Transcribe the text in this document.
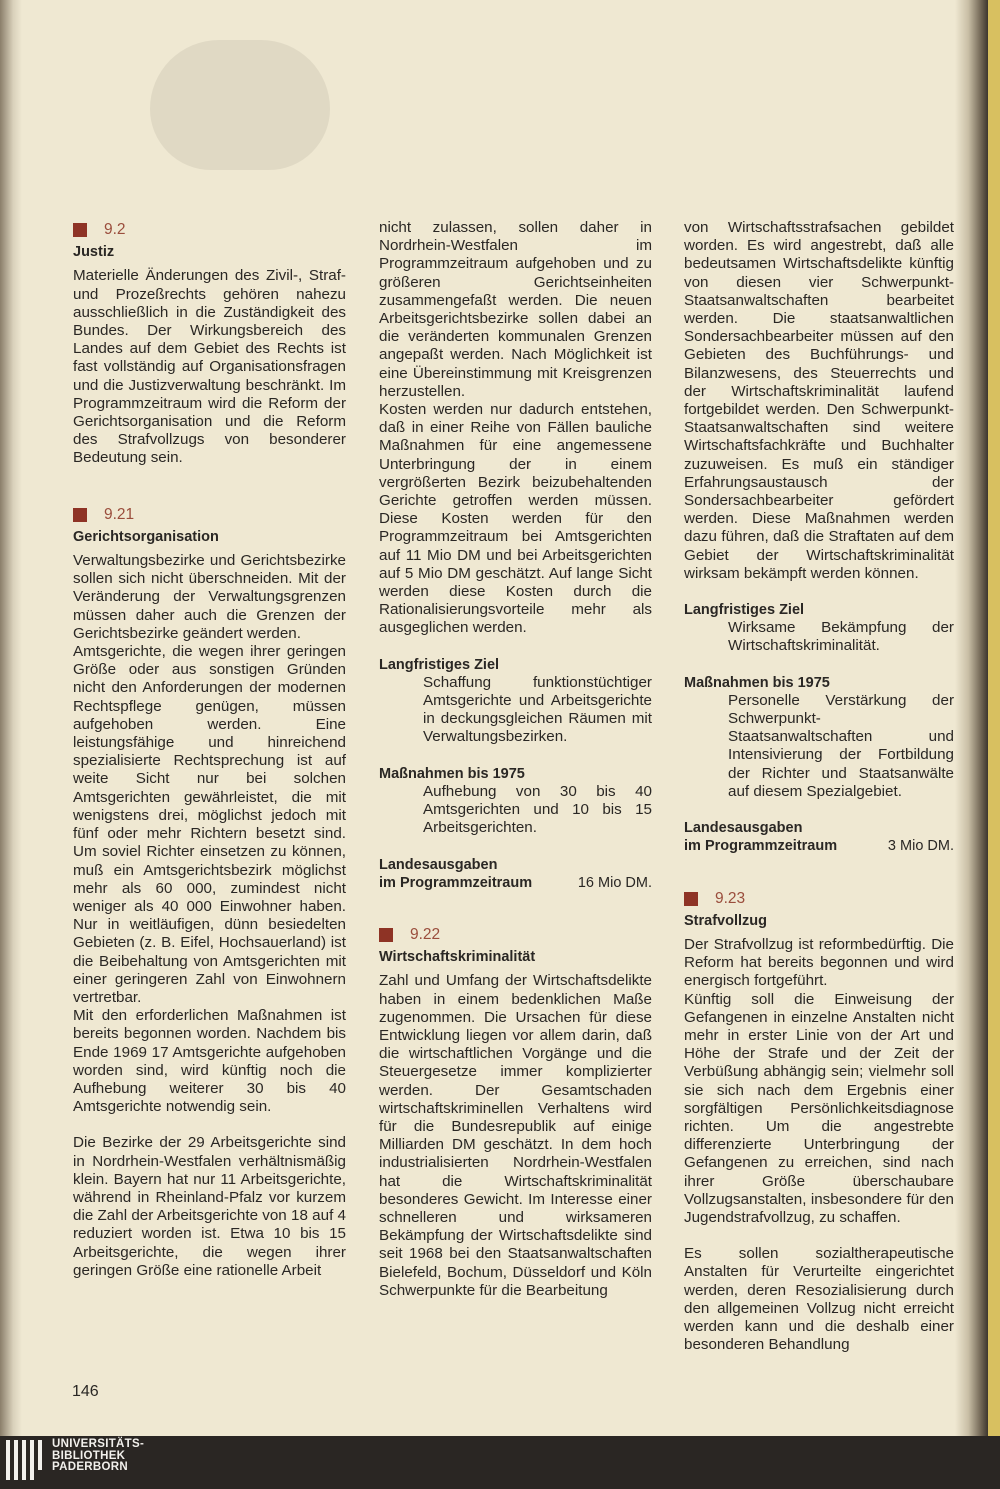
9.2
Justiz

Materielle Änderungen des Zivil-, Straf- und Prozeßrechts gehören nahezu ausschließlich in die Zuständigkeit des Bundes. Der Wirkungsbereich des Landes auf dem Gebiet des Rechts ist fast vollständig auf Organisationsfragen und die Justizverwaltung beschränkt. Im Programmzeitraum wird die Reform der Gerichtsorganisation und die Reform des Strafvollzugs von besonderer Bedeutung sein.

9.21
Gerichtsorganisation

Verwaltungsbezirke und Gerichtsbezirke sollen sich nicht überschneiden. Mit der Veränderung der Verwaltungsgrenzen müssen daher auch die Grenzen der Gerichtsbezirke geändert werden.

Amtsgerichte, die wegen ihrer geringen Größe oder aus sonstigen Gründen nicht den Anforderungen der modernen Rechtspflege genügen, müssen aufgehoben werden. Eine leistungsfähige und hinreichend spezialisierte Rechtsprechung ist auf weite Sicht nur bei solchen Amtsgerichten gewährleistet, die mit wenigstens drei, möglichst jedoch mit fünf oder mehr Richtern besetzt sind. Um soviel Richter einsetzen zu können, muß ein Amtsgerichtsbezirk möglichst mehr als 60 000, zumindest nicht weniger als 40 000 Einwohner haben. Nur in weitläufigen, dünn besiedelten Gebieten (z. B. Eifel, Hochsauerland) ist die Beibehaltung von Amtsgerichten mit einer geringeren Zahl von Einwohnern vertretbar.

Mit den erforderlichen Maßnahmen ist bereits begonnen worden. Nachdem bis Ende 1969 17 Amtsgerichte aufgehoben worden sind, wird künftig noch die Aufhebung weiterer 30 bis 40 Amtsgerichte notwendig sein.

Die Bezirke der 29 Arbeitsgerichte sind in Nordrhein-Westfalen verhältnismäßig klein. Bayern hat nur 11 Arbeitsgerichte, während in Rheinland-Pfalz vor kurzem die Zahl der Arbeitsgerichte von 18 auf 4 reduziert worden ist. Etwa 10 bis 15 Arbeitsgerichte, die wegen ihrer geringen Größe eine rationelle Arbeit

nicht zulassen, sollen daher in Nordrhein-Westfalen im Programmzeitraum aufgehoben und zu größeren Gerichtseinheiten zusammengefaßt werden. Die neuen Arbeitsgerichtsbezirke sollen dabei an die veränderten kommunalen Grenzen angepaßt werden. Nach Möglichkeit ist eine Übereinstimmung mit Kreisgrenzen herzustellen.

Kosten werden nur dadurch entstehen, daß in einer Reihe von Fällen bauliche Maßnahmen für eine angemessene Unterbringung der in einem vergrößerten Bezirk beizubehaltenden Gerichte getroffen werden müssen. Diese Kosten werden für den Programmzeitraum bei Amtsgerichten auf 11 Mio DM und bei Arbeitsgerichten auf 5 Mio DM geschätzt. Auf lange Sicht werden diese Kosten durch die Rationalisierungsvorteile mehr als ausgeglichen werden.

Langfristiges Ziel

Schaffung funktionstüchtiger Amtsgerichte und Arbeitsgerichte in deckungsgleichen Räumen mit Verwaltungsbezirken.

Maßnahmen bis 1975

Aufhebung von 30 bis 40 Amtsgerichten und 10 bis 15 Arbeitsgerichten.

Landesausgaben
im Programmzeitraum	16 Mio DM.
9.22
Wirtschaftskriminalität

Zahl und Umfang der Wirtschaftsdelikte haben in einem bedenklichen Maße zugenommen. Die Ursachen für diese Entwicklung liegen vor allem darin, daß die wirtschaftlichen Vorgänge und die Steuergesetze immer komplizierter werden. Der Gesamtschaden wirtschaftskriminellen Verhaltens wird für die Bundesrepublik auf einige Milliarden DM geschätzt. In dem hoch industrialisierten Nordrhein-Westfalen hat die Wirtschaftskriminalität besonderes Gewicht. Im Interesse einer schnelleren und wirksameren Bekämpfung der Wirtschaftsdelikte sind seit 1968 bei den Staatsanwaltschaften Bielefeld, Bochum, Düsseldorf und Köln Schwerpunkte für die Bearbeitung

von Wirtschaftsstrafsachen gebildet worden. Es wird angestrebt, daß alle bedeutsamen Wirtschaftsdelikte künftig von diesen vier Schwerpunkt-Staatsanwaltschaften bearbeitet werden. Die staatsanwaltlichen Sondersachbearbeiter müssen auf den Gebieten des Buchführungs- und Bilanzwesens, des Steuerrechts und der Wirtschaftskriminalität laufend fortgebildet werden. Den Schwerpunkt-Staatsanwaltschaften sind weitere Wirtschaftsfachkräfte und Buchhalter zuzuweisen. Es muß ein ständiger Erfahrungsaustausch der Sondersachbearbeiter gefördert werden. Diese Maßnahmen werden dazu führen, daß die Straftaten auf dem Gebiet der Wirtschaftskriminalität wirksam bekämpft werden können.

Langfristiges Ziel

Wirksame Bekämpfung der Wirtschaftskriminalität.

Maßnahmen bis 1975

Personelle Verstärkung der Schwerpunkt-Staatsanwaltschaften und Intensivierung der Fortbildung der Richter und Staatsanwälte auf diesem Spezialgebiet.

Landesausgaben
im Programmzeitraum	3 Mio DM.
9.23
Strafvollzug

Der Strafvollzug ist reformbedürftig. Die Reform hat bereits begonnen und wird energisch fortgeführt.

Künftig soll die Einweisung der Gefangenen in einzelne Anstalten nicht mehr in erster Linie von der Art und Höhe der Strafe und der Zeit der Verbüßung abhängig sein; vielmehr soll sie sich nach dem Ergebnis einer sorgfältigen Persönlichkeitsdiagnose richten. Um die angestrebte differenzierte Unterbringung der Gefangenen zu erreichen, sind nach ihrer Größe überschaubare Vollzugsanstalten, insbesondere für den Jugendstrafvollzug, zu schaffen.

Es sollen sozialtherapeutische Anstalten für Verurteilte eingerichtet werden, deren Resozialisierung durch den allgemeinen Vollzug nicht erreicht werden kann und die deshalb einer besonderen Behandlung

146
UNIVERSITÄTS-
BIBLIOTHEK
PADERBORN
